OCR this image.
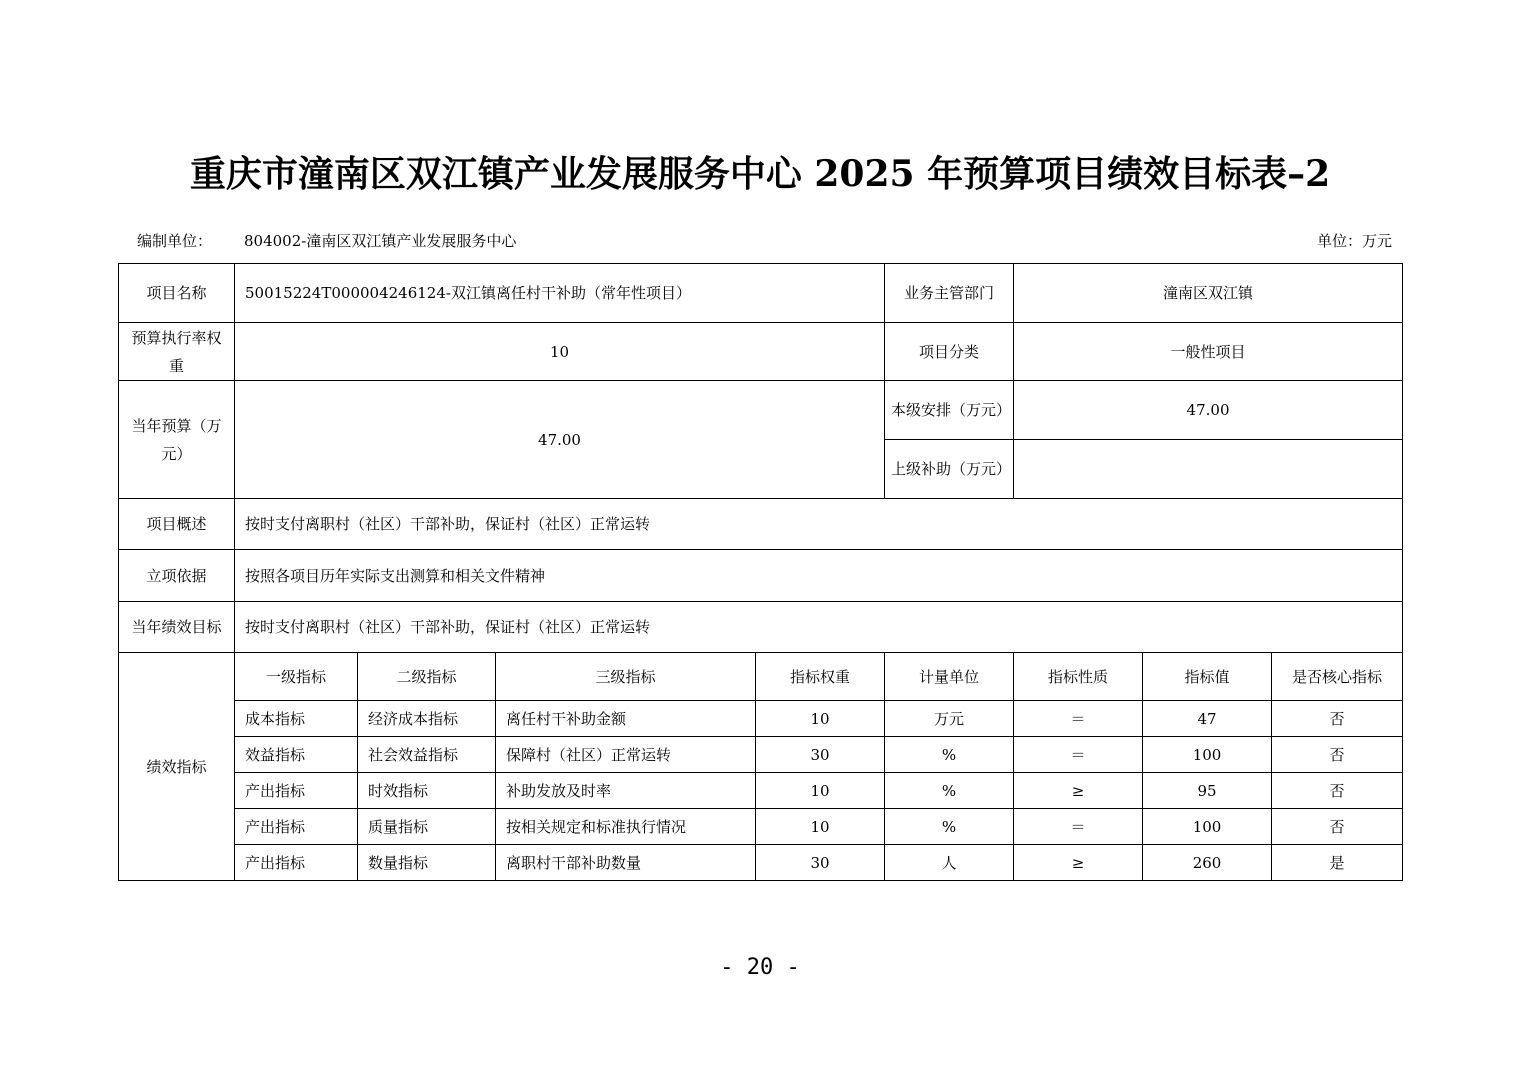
重庆市潼南区双江镇产业发展服务中心 2025 年预算项目绩效目标表–2
编制单位： 804002-潼南区双江镇产业发展服务中心	单位：万元
项目名称	50015224T000004246124-双江镇离任村干补助（常年性项目）				业务主管部门	潼南区双江镇		
预算执行率权重	10				项目分类	一般性项目		
当年预算（万元）	47.00				本级安排（万元）	47.00		
					上级补助（万元）			
项目概述	按时支付离职村（社区）干部补助，保证村（社区）正常运转							
立项依据	按照各项目历年实际支出测算和相关文件精神							
当年绩效目标	按时支付离职村（社区）干部补助，保证村（社区）正常运转							
绩效指标	一级指标	二级指标	三级指标	指标权重	计量单位	指标性质	指标值	是否核心指标
	成本指标	经济成本指标	离任村干补助金额	10	万元	＝	47	否
	效益指标	社会效益指标	保障村（社区）正常运转	30	%	＝	100	否
	产出指标	时效指标	补助发放及时率	10	%	≥	95	否
	产出指标	质量指标	按相关规定和标准执行情况	10	%	＝	100	否
	产出指标	数量指标	离职村干部补助数量	30	人	≥	260	是
- 20 -
